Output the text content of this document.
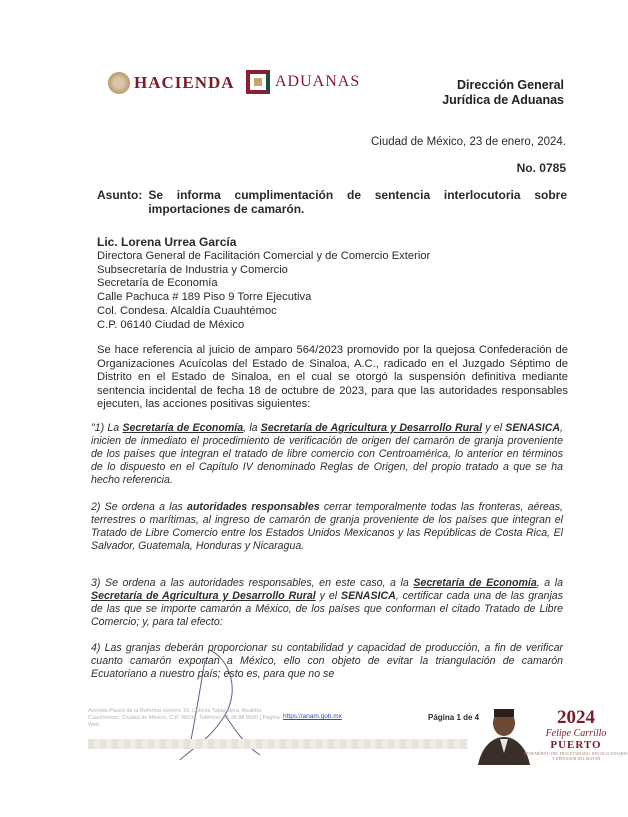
HACIENDA	ADUANAS	Dirección General
Jurídica de Aduanas
Ciudad de México, 23 de enero, 2024.
No. 0785
Asunto: Se informa cumplimentación de sentencia interlocutoria sobre importaciones de camarón.
Lic. Lorena Urrea García
Directora General de Facilitación Comercial y de Comercio Exterior
Subsecretaría de Industria y Comercio
Secretaría de Economía
Calle Pachuca # 189 Piso 9 Torre Ejecutiva
Col. Condesa. Alcaldía Cuauhtémoc
C.P. 06140 Ciudad de México
Se hace referencia al juicio de amparo 564/2023 promovido por la quejosa Confederación de Organizaciones Acuícolas del Estado de Sinaloa, A.C., radicado en el Juzgado Séptimo de Distrito en el Estado de Sinaloa, en el cual se otorgó la suspensión definitiva mediante sentencia incidental de fecha 18 de octubre de 2023, para que las autoridades responsables ejecuten, las acciones positivas siguientes:
"1) La Secretaría de Economía, la Secretaría de Agricultura y Desarrollo Rural y el SENASICA, inicien de inmediato el procedimiento de verificación de origen del camarón de granja proveniente de los países que integran el tratado de libre comercio con Centroamérica, lo anterior en términos de lo dispuesto en el Capítulo IV denominado Reglas de Origen, del propio tratado a que se ha hecho referencia.
2) Se ordena a las autoridades responsables cerrar temporalmente todas las fronteras, aéreas, terrestres o marítimas, al ingreso de camarón de granja proveniente de los países que integran el Tratado de Libre Comercio entre los Estados Unidos Mexicanos y las Repúblicas de Costa Rica, El Salvador, Guatemala, Honduras y Nicaragua.
3) Se ordena a las autoridades responsables, en este caso, a la Secretaría de Economía, a la Secretaría de Agricultura y Desarrollo Rural y el SENASICA, certificar cada una de las granjas de las que se importe camarón a México, de los países que conforman el citado Tratado de Libre Comercio; y, para tal efecto:
4) Las granjas deberán proporcionar su contabilidad y capacidad de producción, a fin de verificar cuanto camarón exportan a México, ello con objeto de evitar la triangulación de camarón Ecuatoriano a nuestro país; esto es, para que no se
Avenida Paseo de la Reforma número 10, Colonia Tabacalera, Alcaldía Cuauhtémoc, Ciudad de México, C.P. 06030, Teléfono: 55 38 88 8000 | Página Web:
https://anam.gob.mx	Página 1 de 4	2024
Felipe Carrillo
PUERTO
BENEMÉRITO DEL PROLETARIADO, REVOLUCIONARIO Y DEFENSOR DEL MAYAB
